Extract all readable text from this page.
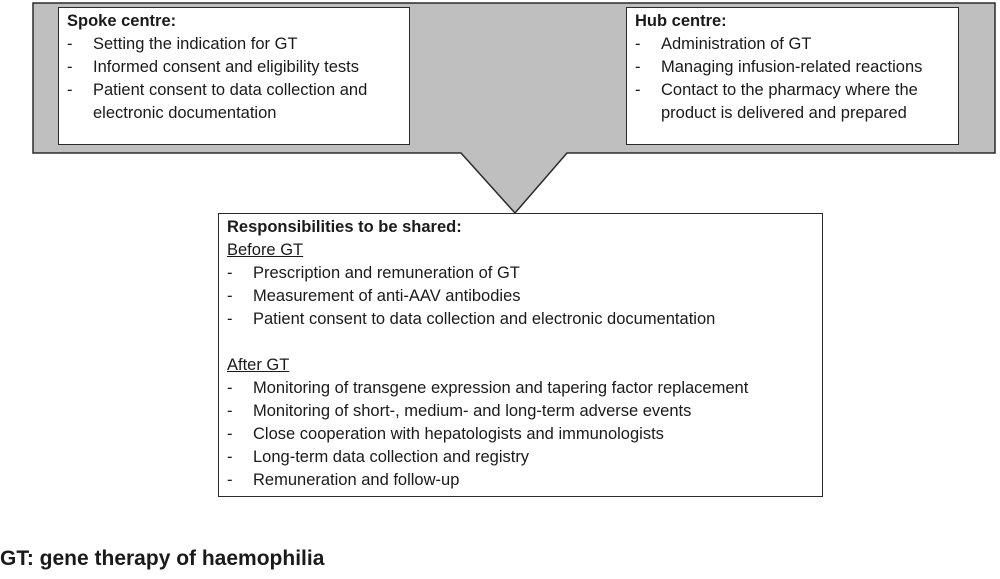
Spoke centre:

- Setting the indication for GT
- Informed consent and eligibility tests
- Patient consent to data collection and electronic documentation

Hub centre:

- Administration of GT
- Managing infusion-related reactions
- Contact to the pharmacy where the product is delivered and prepared

Responsibilities to be shared:

Before GT
- Prescription and remuneration of GT
- Measurement of anti-AAV antibodies
- Patient consent to data collection and electronic documentation
After GT
- Monitoring of transgene expression and tapering factor replacement
- Monitoring of short-, medium- and long-term adverse events
- Close cooperation with hepatologists and immunologists
- Long-term data collection and registry
- Remuneration and follow-up
GT: gene therapy of haemophilia
